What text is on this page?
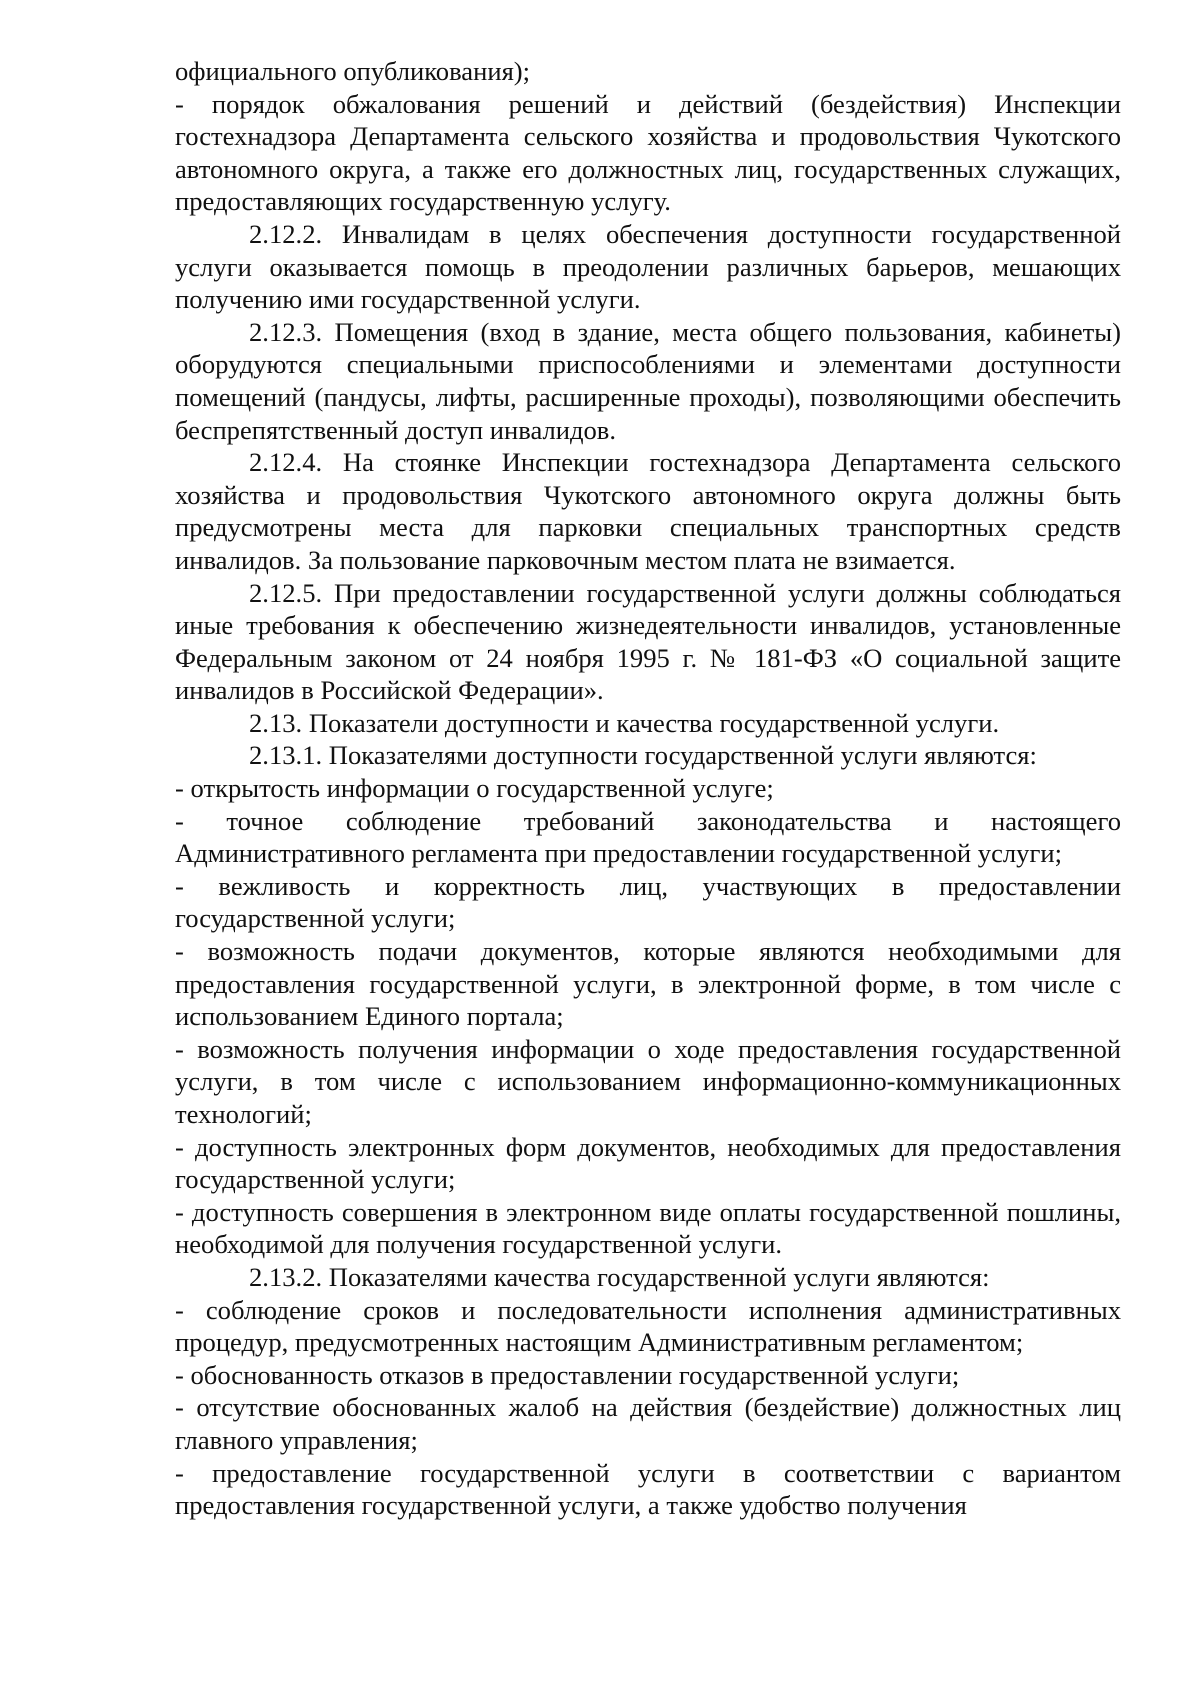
официального опубликования);

- порядок обжалования решений и действий (бездействия) Инспекции гостехнадзора Департамента сельского хозяйства и продовольствия Чукотского автономного округа, а также его должностных лиц, государственных служащих, предоставляющих государственную услугу.

2.12.2. Инвалидам в целях обеспечения доступности государственной услуги оказывается помощь в преодолении различных барьеров, мешающих получению ими государственной услуги.

2.12.3. Помещения (вход в здание, места общего пользования, кабинеты) оборудуются специальными приспособлениями и элементами доступности помещений (пандусы, лифты, расширенные проходы), позволяющими обеспечить беспрепятственный доступ инвалидов.

2.12.4. На стоянке Инспекции гостехнадзора Департамента сельского хозяйства и продовольствия Чукотского автономного округа должны быть предусмотрены места для парковки специальных транспортных средств инвалидов. За пользование парковочным местом плата не взимается.

2.12.5. При предоставлении государственной услуги должны соблюдаться иные требования к обеспечению жизнедеятельности инвалидов, установленные Федеральным законом от 24 ноября 1995 г. № 181-ФЗ «О социальной защите инвалидов в Российской Федерации».

2.13. Показатели доступности и качества государственной услуги.

2.13.1. Показателями доступности государственной услуги являются:

- открытость информации о государственной услуге;

- точное соблюдение требований законодательства и настоящего Административного регламента при предоставлении государственной услуги;

- вежливость и корректность лиц, участвующих в предоставлении государственной услуги;

- возможность подачи документов, которые являются необходимыми для предоставления государственной услуги, в электронной форме, в том числе с использованием Единого портала;

- возможность получения информации о ходе предоставления государственной услуги, в том числе с использованием информационно-коммуникационных технологий;

- доступность электронных форм документов, необходимых для предоставления государственной услуги;

- доступность совершения в электронном виде оплаты государственной пошлины, необходимой для получения государственной услуги.

2.13.2. Показателями качества государственной услуги являются:

- соблюдение сроков и последовательности исполнения административных процедур, предусмотренных настоящим Административным регламентом;

- обоснованность отказов в предоставлении государственной услуги;

- отсутствие обоснованных жалоб на действия (бездействие) должностных лиц главного управления;

- предоставление государственной услуги в соответствии с вариантом предоставления государственной услуги, а также удобство получения
